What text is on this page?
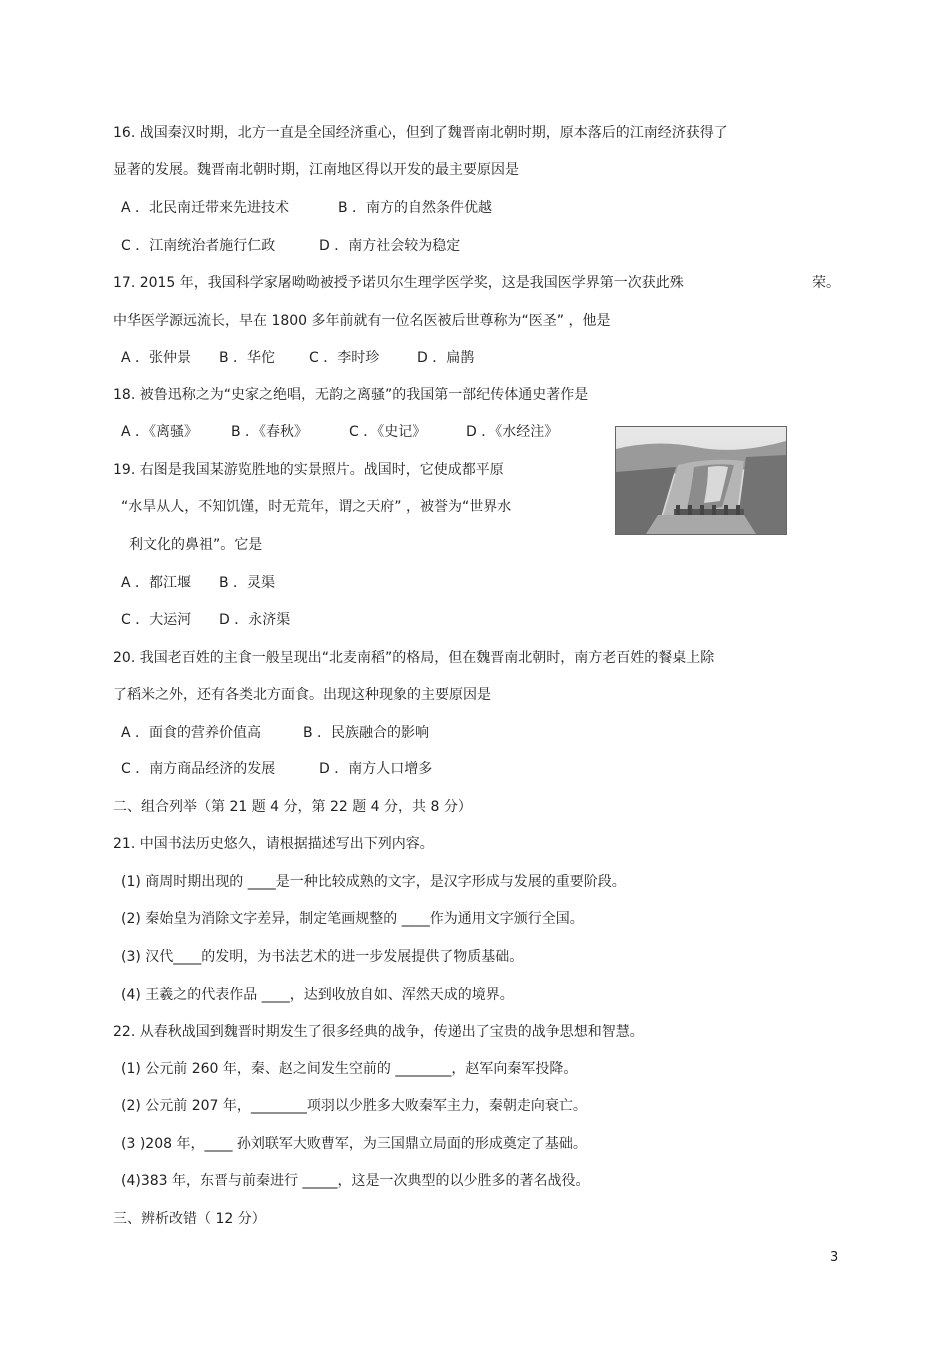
16. 战国秦汉时期，北方一直是全国经济重心，但到了魏晋南北朝时期，原本落后的江南经济获得了
显著的发展。魏晋南北朝时期，江南地区得以开发的最主要原因是
A ．北民南迁带来先进技术	B ．南方的自然条件优越
C ．江南统治者施行仁政	D ．南方社会较为稳定
17. 2015 年，我国科学家屠呦呦被授予诺贝尔生理学医学奖，这是我国医学界第一次获此殊	荣。
中华医学源远流长，早在 1800 多年前就有一位名医被后世尊称为“医圣” ，他是
A ．张仲景 B ．华佗 C ．李时珍	D ．扁鹊
18. 被鲁迅称之为“史家之绝唱，无韵之离骚”的我国第一部纪传体通史著作是
A ．《离骚》 B ．《春秋》	C ．《史记》	D ．《水经注》
19. 右图是我国某游览胜地的实景照片。战国时，它使成都平原
“水旱从人，不知饥馑，时无荒年，谓之天府” ，被誉为“世界水
利文化的鼻祖”。它是
A ．都江堰 B ．灵渠
C ．大运河 D ．永济渠
20. 我国老百姓的主食一般呈现出“北麦南稻”的格局，但在魏晋南北朝时，南方老百姓的餐桌上除
了稻米之外，还有各类北方面食。出现这种现象的主要原因是
A ．面食的营养价值高	B ．民族融合的影响
C ．南方商品经济的发展	D ．南方人口增多
二、组合列举（第 21 题 4 分，第 22 题 4 分，共 8 分）
21. 中国书法历史悠久，请根据描述写出下列内容。
(1) 商周时期出现的 ____是一种比较成熟的文字，是汉字形成与发展的重要阶段。
(2) 秦始皇为消除文字差异，制定笔画规整的 ____作为通用文字颁行全国。
(3) 汉代____的发明，为书法艺术的进一步发展提供了物质基础。
(4) 王羲之的代表作品 ____，达到收放自如、浑然天成的境界。
22. 从春秋战国到魏晋时期发生了很多经典的战争，传递出了宝贵的战争思想和智慧。
(1) 公元前 260 年，秦、赵之间发生空前的 ________，赵军向秦军投降。
(2) 公元前 207 年，________项羽以少胜多大败秦军主力，秦朝走向衰亡。
(3 )208 年，____ 孙刘联军大败曹军，为三国鼎立局面的形成奠定了基础。
(4)383 年，东晋与前秦进行 _____，这是一次典型的以少胜多的著名战役。
三、辨析改错（ 12 分）
3
